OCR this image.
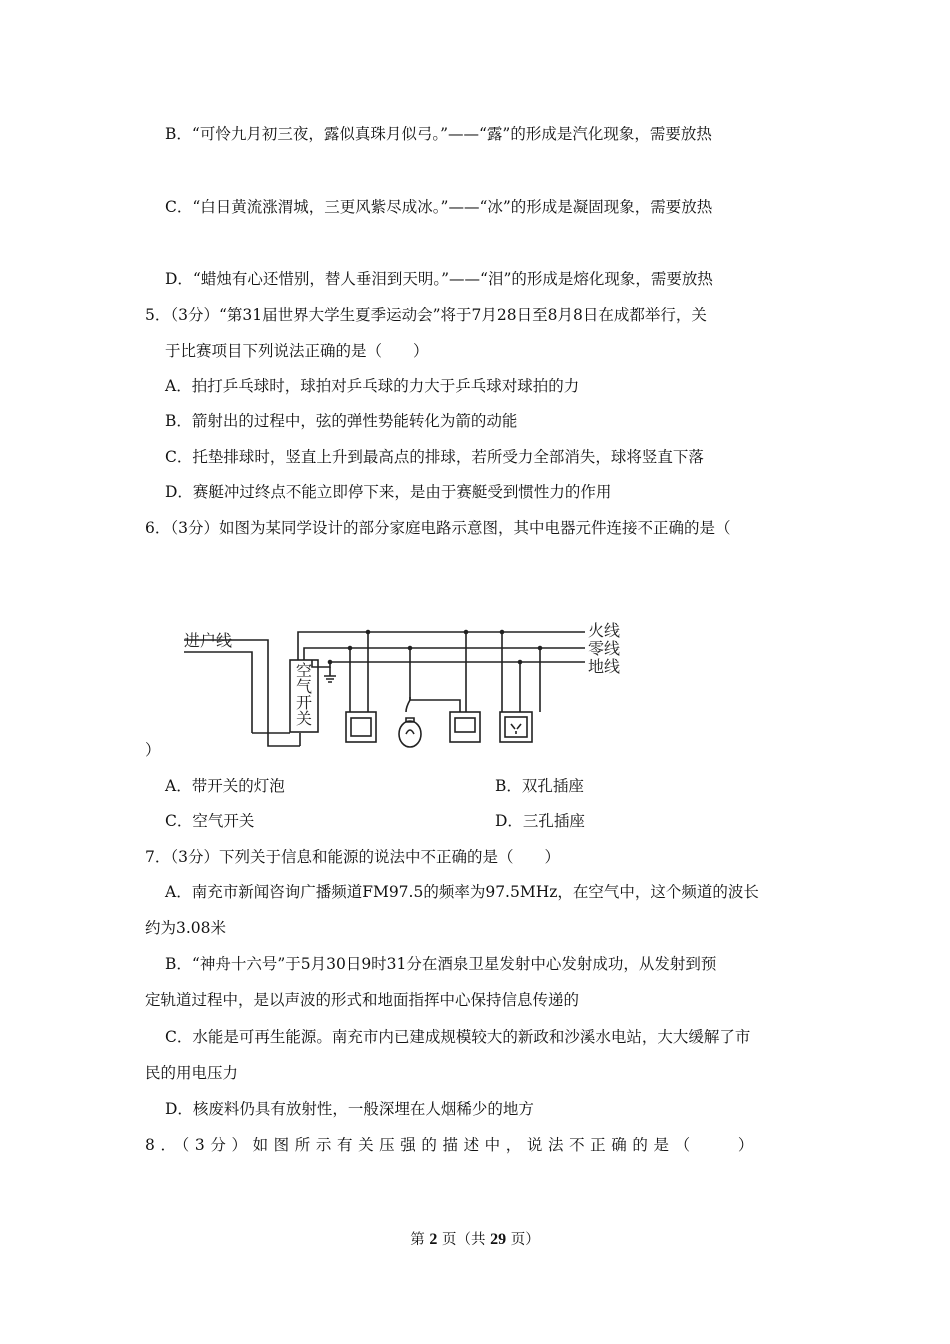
B．“可怜九月初三夜，露似真珠月似弓。”——“露”的形成是汽化现象，需要放热
C．“白日黄流涨渭城，三更风紫尽成冰。”——“冰”的形成是凝固现象，需要放热
D．“蜡烛有心还惜别，替人垂泪到天明。”——“泪”的形成是熔化现象，需要放热
5．（3分）“第31届世界大学生夏季运动会”将于7月28日至8月8日在成都举行，关
于比赛项目下列说法正确的是（　　）
A．拍打乒乓球时，球拍对乒乓球的力大于乒乓球对球拍的力
B．箭射出的过程中，弦的弹性势能转化为箭的动能
C．托垫排球时，竖直上升到最高点的排球，若所受力全部消失，球将竖直下落
D．赛艇冲过终点不能立即停下来，是由于赛艇受到惯性力的作用
6．（3分）如图为某同学设计的部分家庭电路示意图，其中电器元件连接不正确的是（
进户线
火线
零线
地线
空
气
开
关
）
A．带开关的灯泡	B．双孔插座
C．空气开关	D．三孔插座
7．（3分）下列关于信息和能源的说法中不正确的是（　　）
A．南充市新闻咨询广播频道FM97.5的频率为97.5MHz，在空气中，这个频道的波长
约为3.08米
B．“神舟十六号”于5月30日9时31分在酒泉卫星发射中心发射成功，从发射到预
定轨道过程中，是以声波的形式和地面指挥中心保持信息传递的
C．水能是可再生能源。南充市内已建成规模较大的新政和沙溪水电站，大大缓解了市
民的用电压力
D．核废料仍具有放射性，一般深埋在人烟稀少的地方
8．（3分）如图所示有关压强的描述中，说法不正确的是（　　）
第 2 页（共 29 页）
